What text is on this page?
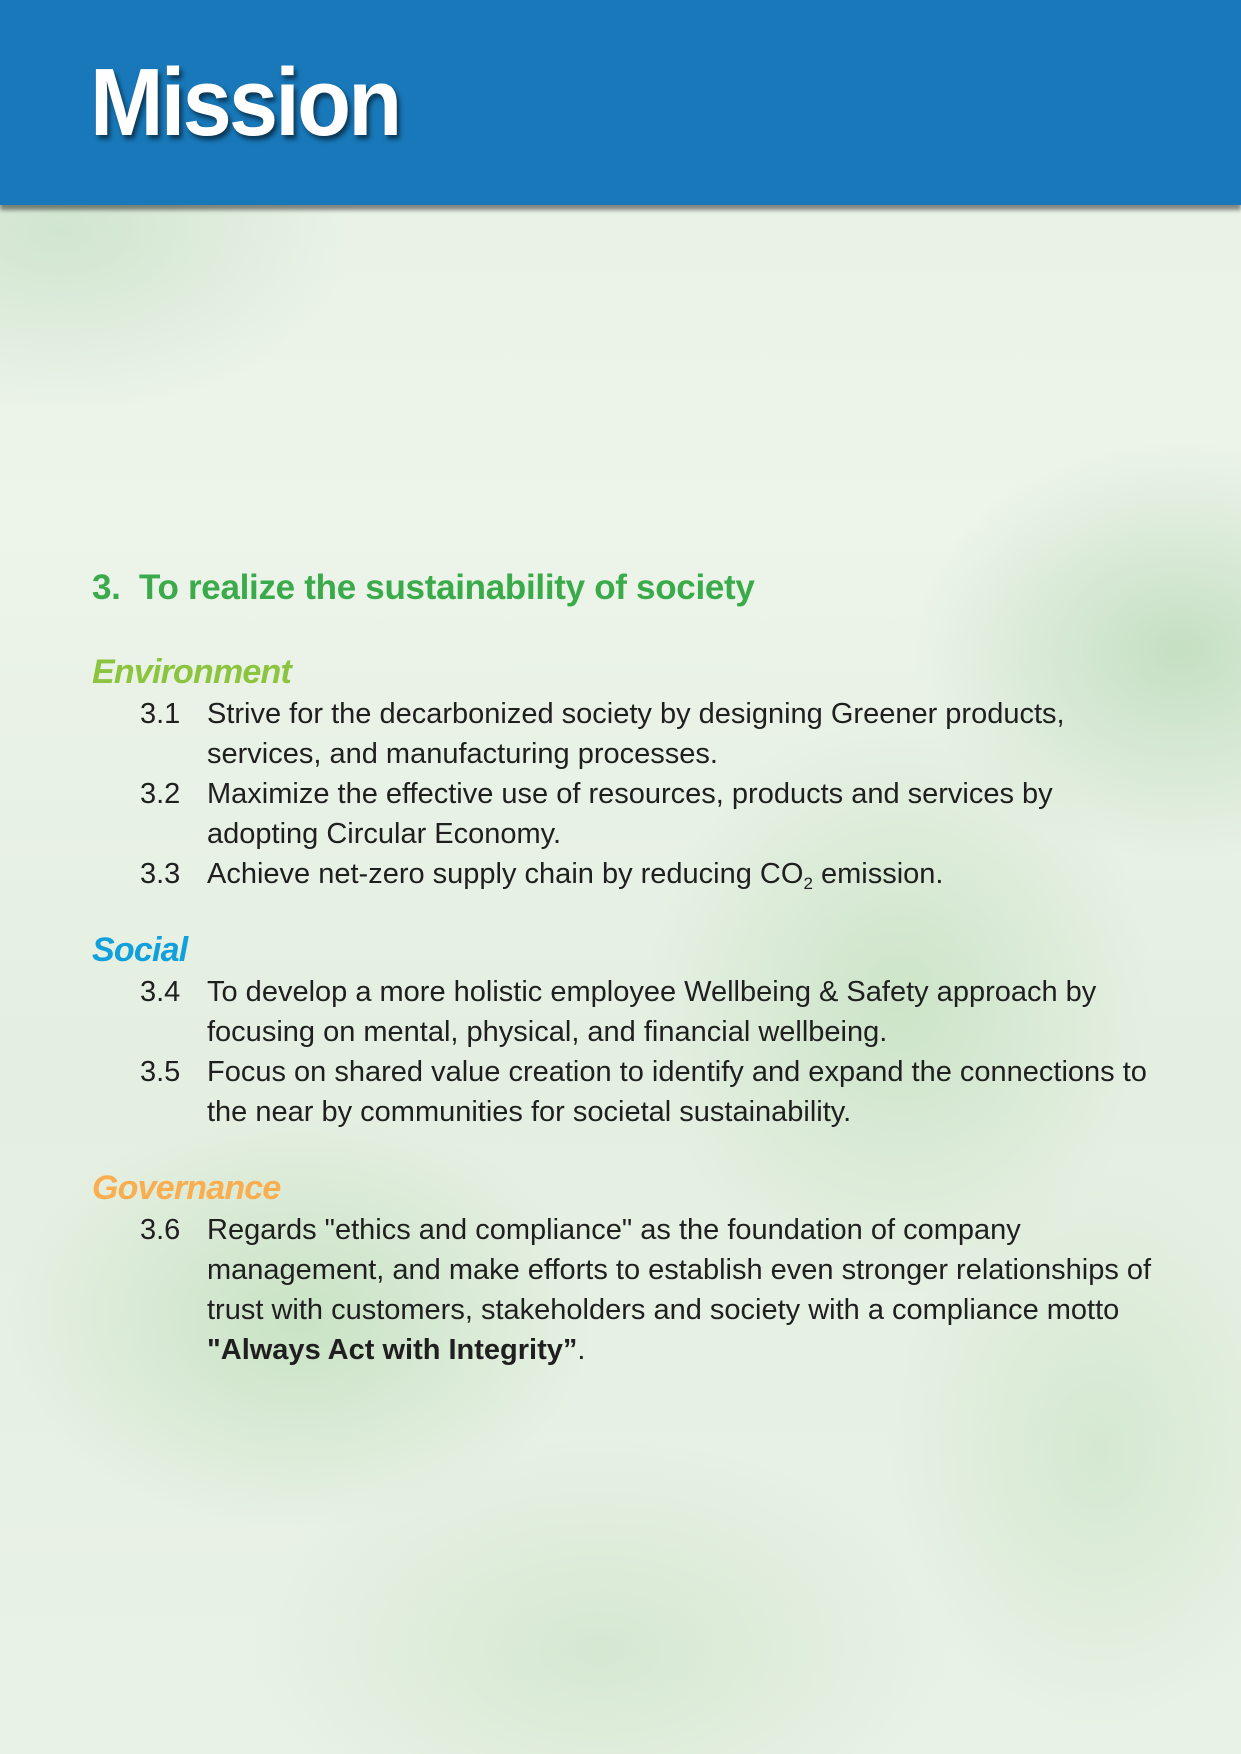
Mission
3. To realize the sustainability of society
Environment
3.1 Strive for the decarbonized society by designing Greener products, services, and manufacturing processes.
3.2 Maximize the effective use of resources, products and services by adopting Circular Economy.
3.3 Achieve net-zero supply chain by reducing $CO_2$ emission.
Social
3.4 To develop a more holistic employee Wellbeing & Safety approach by focusing on mental, physical, and financial wellbeing.
3.5 Focus on shared value creation to identify and expand the connections to the near by communities for societal sustainability.
Governance
3.6 Regards "ethics and compliance" as the foundation of company management, and make efforts to establish even stronger relationships of trust with customers, stakeholders and society with a compliance motto "Always Act with Integrity”.
